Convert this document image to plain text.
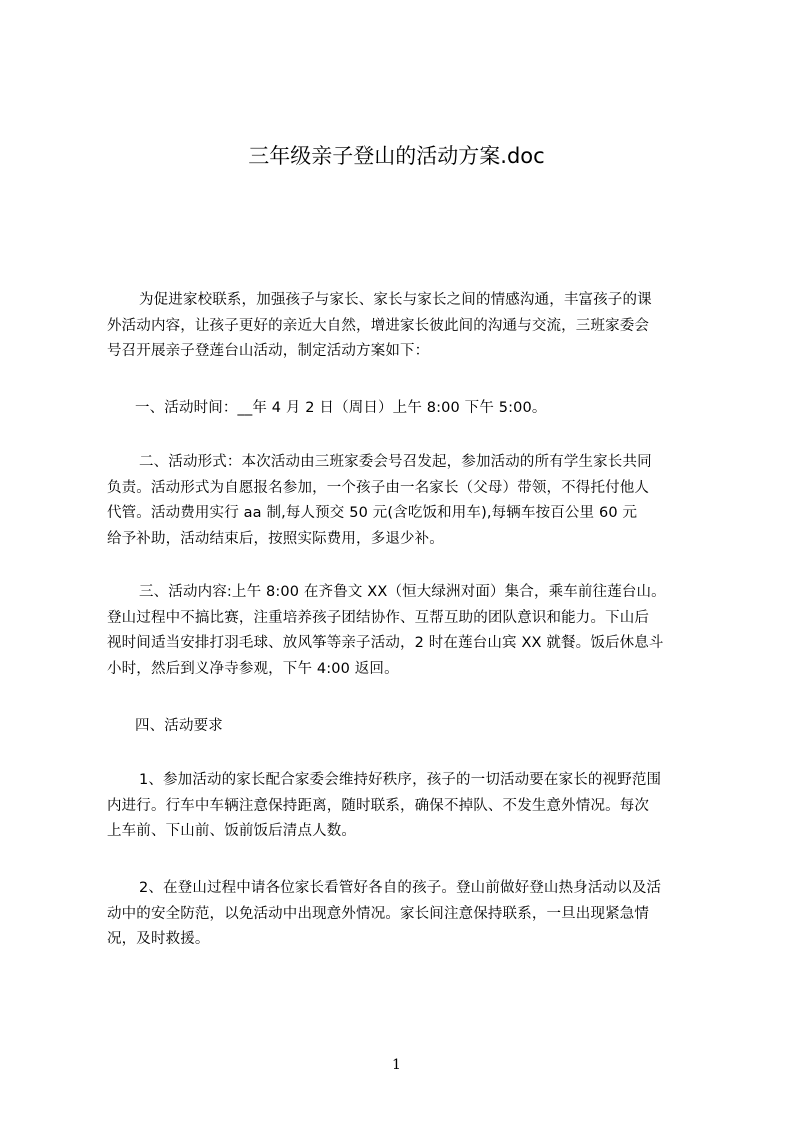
三年级亲子登山的活动方案.doc
为促进家校联系，加强孩子与家长、家长与家长之间的情感沟通，丰富孩子的课
外活动内容，让孩子更好的亲近大自然，增进家长彼此间的沟通与交流，三班家委会
号召开展亲子登莲台山活动，制定活动方案如下：
一、活动时间：__年 4 月 2 日（周日）上午 8:00 下午 5:00。
二、活动形式：本次活动由三班家委会号召发起，参加活动的所有学生家长共同
负责。活动形式为自愿报名参加，一个孩子由一名家长（父母）带领，不得托付他人
代管。活动费用实行 aa 制,每人预交 50 元(含吃饭和用车),每辆车按百公里 60 元
给予补助，活动结束后，按照实际费用，多退少补。
三、活动内容:上午 8:00 在齐鲁文 XX（恒大绿洲对面）集合，乘车前往莲台山。
登山过程中不搞比赛，注重培养孩子团结协作、互帮互助的团队意识和能力。下山后
视时间适当安排打羽毛球、放风筝等亲子活动，2 时在莲台山宾 XX 就餐。饭后休息斗
小时，然后到义净寺参观，下午 4:00 返回。
四、活动要求
1、参加活动的家长配合家委会维持好秩序，孩子的一切活动要在家长的视野范围
内进行。行车中车辆注意保持距离，随时联系，确保不掉队、不发生意外情况。每次
上车前、下山前、饭前饭后清点人数。
2、在登山过程中请各位家长看管好各自的孩子。登山前做好登山热身活动以及活
动中的安全防范，以免活动中出现意外情况。家长间注意保持联系，一旦出现紧急情
况，及时救援。
1
